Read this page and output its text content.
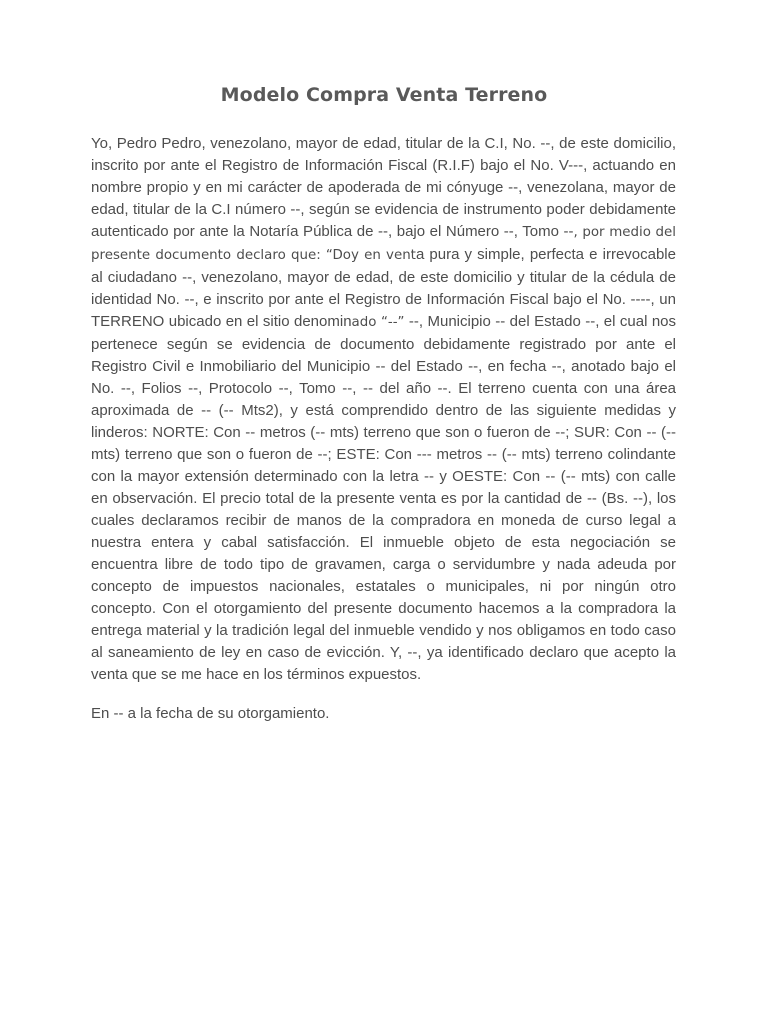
Modelo Compra Venta Terreno

Yo, Pedro Pedro, venezolano, mayor de edad, titular de la C.I, No. --, de este domicilio, inscrito por ante el Registro de Información Fiscal (R.I.F) bajo el No. V---, actuando en nombre propio y en mi carácter de apoderada de mi cónyuge --, venezolana, mayor de edad, titular de la C.I número --, según se evidencia de instrumento poder debidamente autenticado por ante la Notaría Pública de --, bajo el Número --, Tomo --, por medio del presente documento declaro que: “Doy en venta pura y simple, perfecta e irrevocable al ciudadano --, venezolano, mayor de edad, de este domicilio y titular de la cédula de identidad No. --, e inscrito por ante el Registro de Información Fiscal bajo el No. ----, un TERRENO ubicado en el sitio denominado “--” --, Municipio -- del Estado --, el cual nos pertenece según se evidencia de documento debidamente registrado por ante el Registro Civil e Inmobiliario del Municipio -- del Estado --, en fecha --, anotado bajo el No. --, Folios --, Protocolo --, Tomo --, -- del año --. El terreno cuenta con una área aproximada de -- (-- Mts2), y está comprendido dentro de las siguiente medidas y linderos: NORTE: Con -- metros (-- mts) terreno que son o fueron de --; SUR: Con -- (-- mts) terreno que son o fueron de --; ESTE: Con --- metros -- (-- mts) terreno colindante con la mayor extensión determinado con la letra -- y OESTE: Con -- (-- mts) con calle en observación. El precio total de la presente venta es por la cantidad de -- (Bs. --), los cuales declaramos recibir de manos de la compradora en moneda de curso legal a nuestra entera y cabal satisfacción. El inmueble objeto de esta negociación se encuentra libre de todo tipo de gravamen, carga o servidumbre y nada adeuda por concepto de impuestos nacionales, estatales o municipales, ni por ningún otro concepto. Con el otorgamiento del presente documento hacemos a la compradora la entrega material y la tradición legal del inmueble vendido y nos obligamos en todo caso al saneamiento de ley en caso de evicción. Y, --, ya identificado declaro que acepto la venta que se me hace en los términos expuestos.

En -- a la fecha de su otorgamiento.
